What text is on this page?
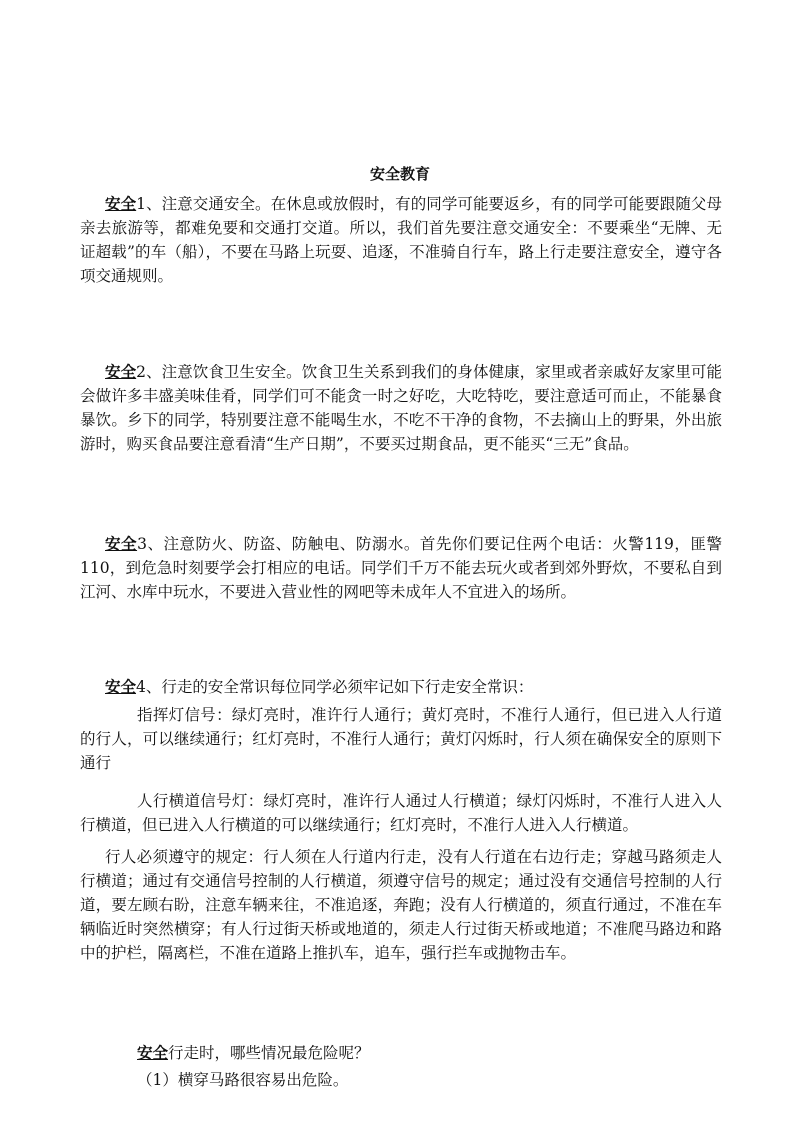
安全教育
安全1、注意交通安全。在休息或放假时，有的同学可能要返乡，有的同学可能要跟随父母亲去旅游等，都难免要和交通打交道。所以，我们首先要注意交通安全：不要乘坐“无牌、无证超载”的车（船），不要在马路上玩耍、追逐，不准骑自行车，路上行走要注意安全，遵守各项交通规则。
安全2、注意饮食卫生安全。饮食卫生关系到我们的身体健康，家里或者亲戚好友家里可能会做许多丰盛美味佳肴，同学们可不能贪一时之好吃，大吃特吃，要注意适可而止，不能暴食暴饮。乡下的同学，特别要注意不能喝生水，不吃不干净的食物，不去摘山上的野果，外出旅游时，购买食品要注意看清“生产日期”，不要买过期食品，更不能买“三无”食品。
安全3、注意防火、防盗、防触电、防溺水。首先你们要记住两个电话：火警119，匪警110，到危急时刻要学会打相应的电话。同学们千万不能去玩火或者到郊外野炊，不要私自到江河、水库中玩水，不要进入营业性的网吧等未成年人不宜进入的场所。
安全4、行走的安全常识每位同学必须牢记如下行走安全常识：
指挥灯信号：绿灯亮时，准许行人通行；黄灯亮时，不准行人通行，但已进入人行道的行人，可以继续通行；红灯亮时，不准行人通行；黄灯闪烁时，行人须在确保安全的原则下通行
人行横道信号灯：绿灯亮时，准许行人通过人行横道；绿灯闪烁时，不准行人进入人行横道，但已进入人行横道的可以继续通行；红灯亮时，不准行人进入人行横道。
行人必须遵守的规定：行人须在人行道内行走，没有人行道在右边行走；穿越马路须走人行横道；通过有交通信号控制的人行横道，须遵守信号的规定；通过没有交通信号控制的人行道，要左顾右盼，注意车辆来往，不准追逐，奔跑；没有人行横道的，须直行通过，不准在车辆临近时突然横穿；有人行过街天桥或地道的，须走人行过街天桥或地道；不准爬马路边和路中的护栏，隔离栏，不准在道路上推扒车，追车，强行拦车或抛物击车。
安全行走时，哪些情况最危险呢？
（1）横穿马路很容易出危险。
